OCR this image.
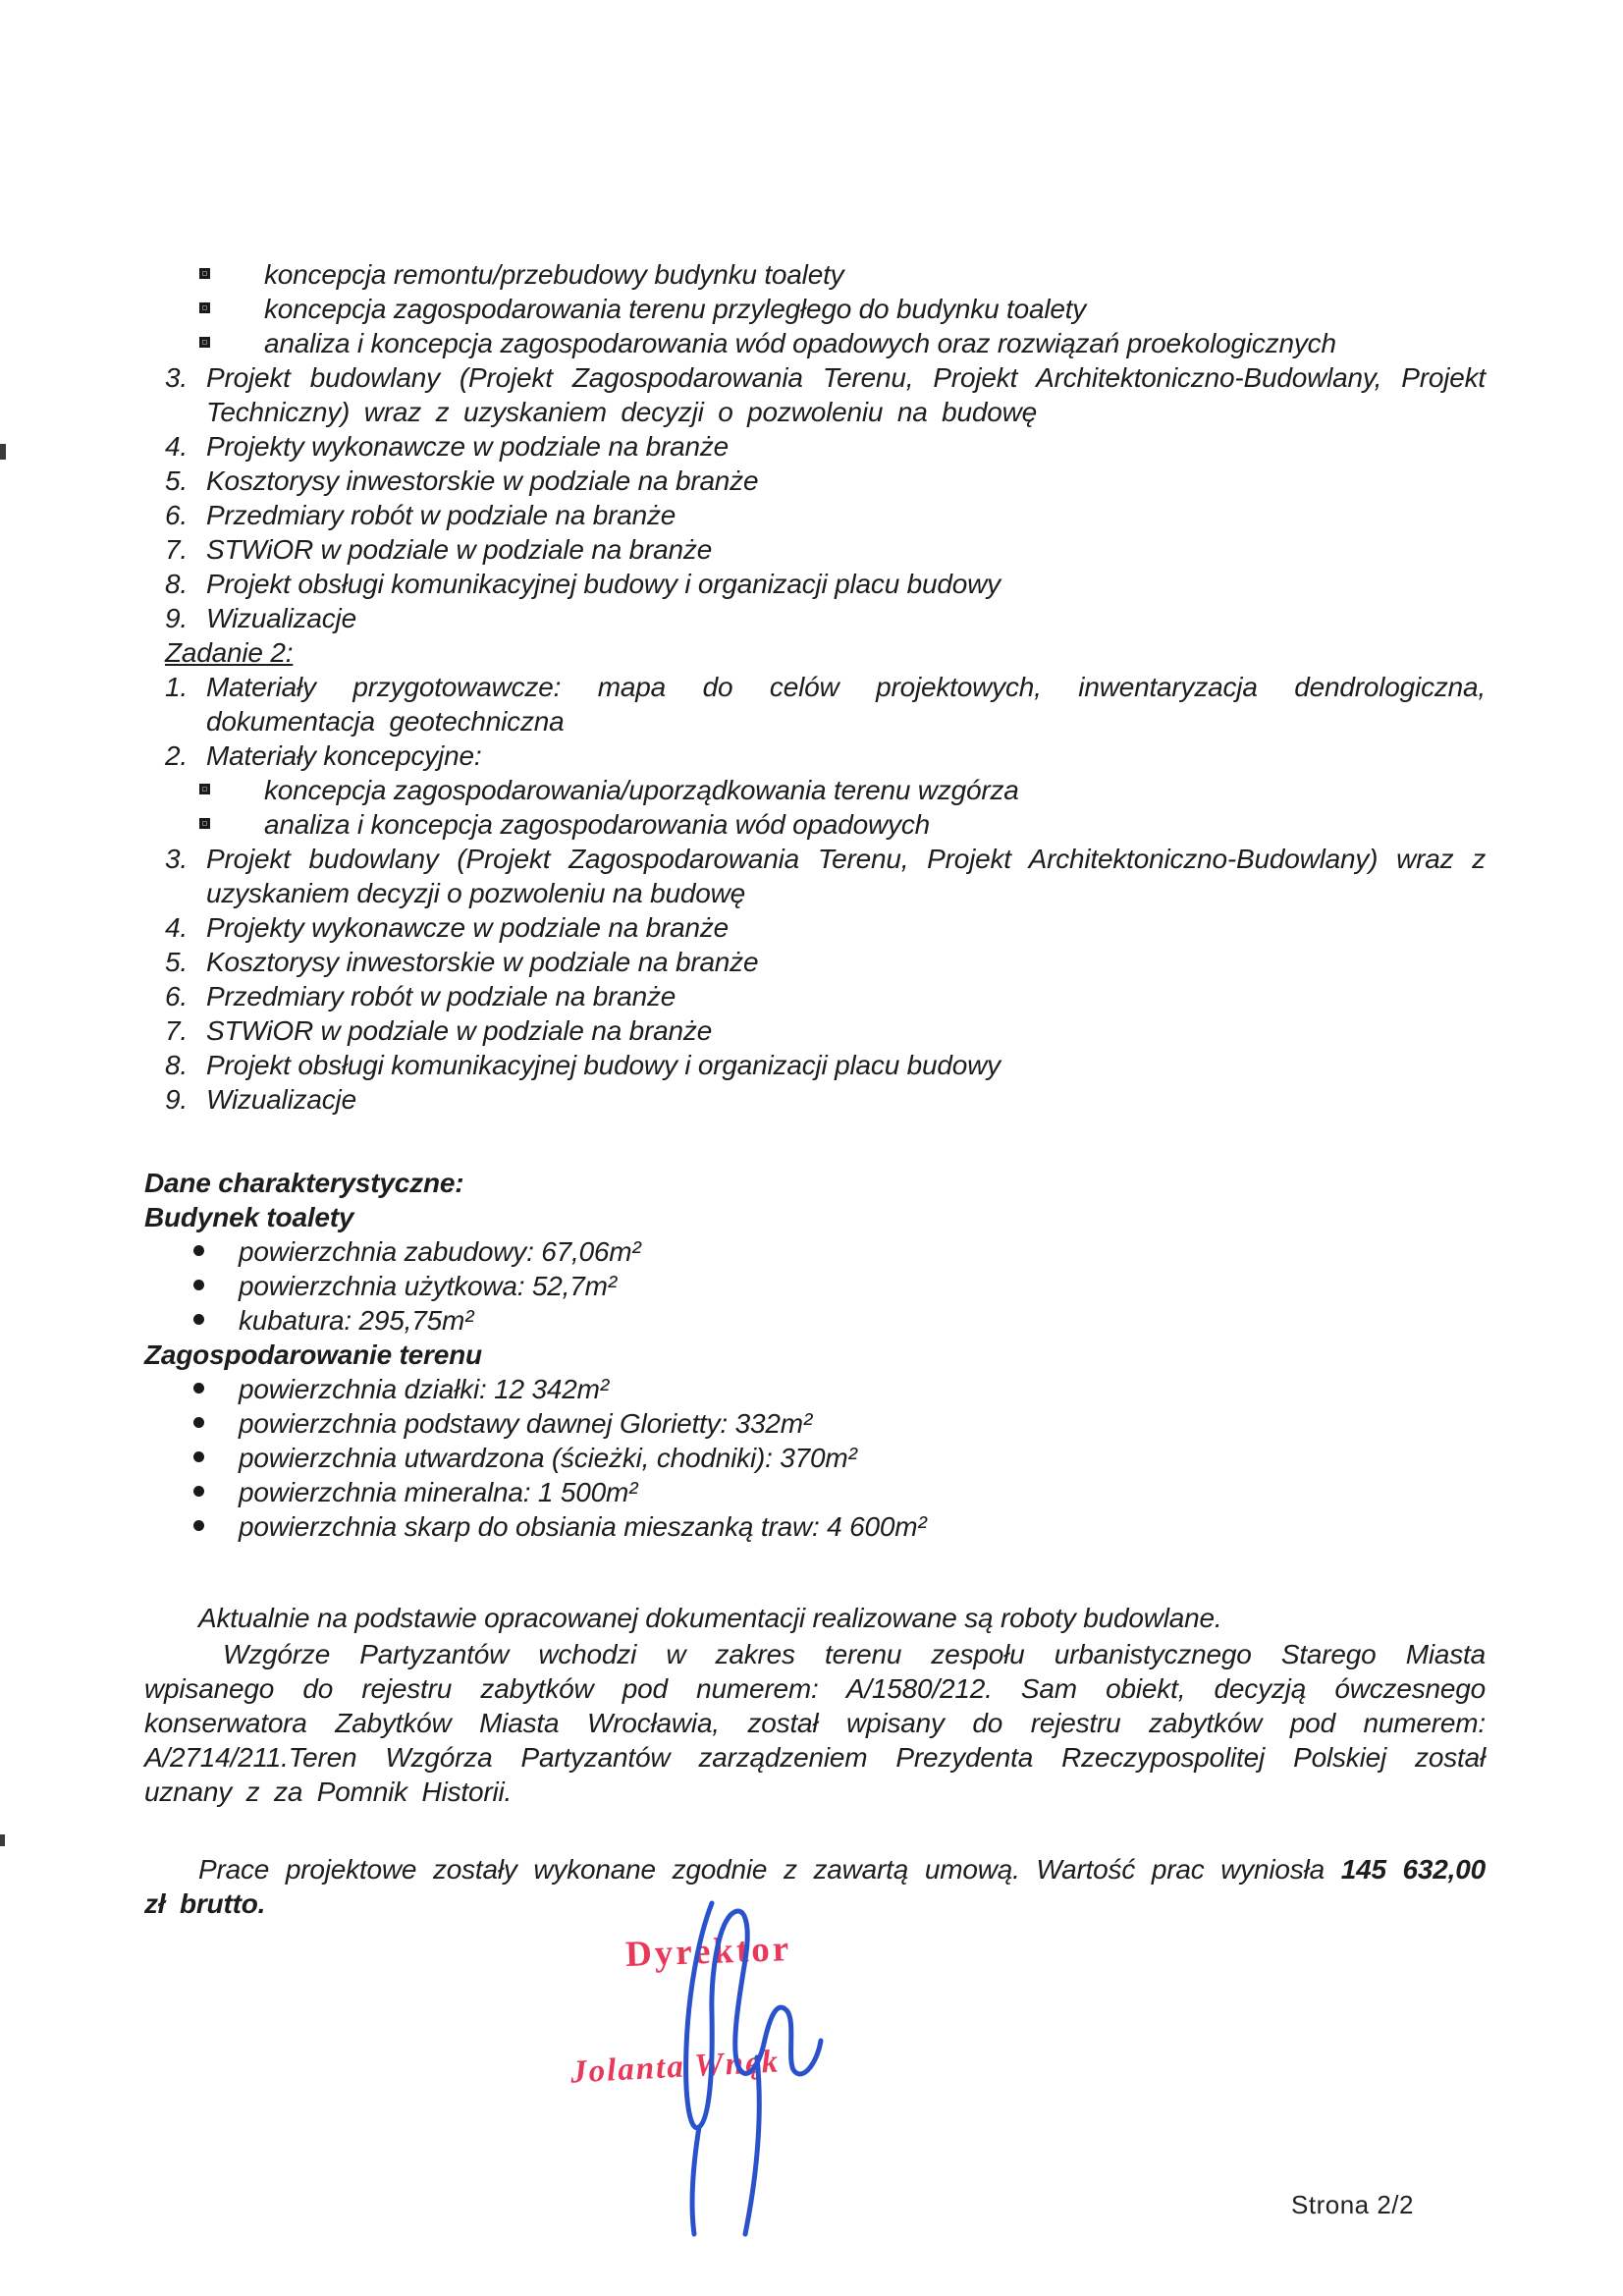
koncepcja remontu/przebudowy budynku toalety
koncepcja zagospodarowania terenu przyległego do budynku toalety
analiza i koncepcja zagospodarowania wód opadowych oraz rozwiązań proekologicznych
3. Projekt budowlany (Projekt Zagospodarowania Terenu, Projekt Architektoniczno-Budowlany, Projekt Techniczny) wraz z uzyskaniem decyzji o pozwoleniu na budowę
4. Projekty wykonawcze w podziale na branże
5. Kosztorysy inwestorskie w podziale na branże
6. Przedmiary robót w podziale na branże
7. STWiOR w podziale w podziale na branże
8. Projekt obsługi komunikacyjnej budowy i organizacji placu budowy
9. Wizualizacje
Zadanie 2:
1. Materiały przygotowawcze: mapa do celów projektowych, inwentaryzacja dendrologiczna, dokumentacja geotechniczna
2. Materiały koncepcyjne:
koncepcja zagospodarowania/uporządkowania terenu wzgórza
analiza i koncepcja zagospodarowania wód opadowych
3. Projekt budowlany (Projekt Zagospodarowania Terenu, Projekt Architektoniczno-Budowlany) wraz z uzyskaniem decyzji o pozwoleniu na budowę
4. Projekty wykonawcze w podziale na branże
5. Kosztorysy inwestorskie w podziale na branże
6. Przedmiary robót w podziale na branże
7. STWiOR w podziale w podziale na branże
8. Projekt obsługi komunikacyjnej budowy i organizacji placu budowy
9. Wizualizacje
Dane charakterystyczne:
Budynek toalety
powierzchnia zabudowy: 67,06m²
powierzchnia użytkowa: 52,7m²
kubatura: 295,75m²
Zagospodarowanie terenu
powierzchnia działki: 12 342m²
powierzchnia podstawy dawnej Glorietty: 332m²
powierzchnia utwardzona (ścieżki, chodniki): 370m²
powierzchnia mineralna: 1 500m²
powierzchnia skarp do obsiania mieszanką traw: 4 600m²

Aktualnie na podstawie opracowanej dokumentacji realizowane są roboty budowlane.

Wzgórze Partyzantów wchodzi w zakres terenu zespołu urbanistycznego Starego Miasta wpisanego do rejestru zabytków pod numerem: A/1580/212. Sam obiekt, decyzją ówczesnego konserwatora Zabytków Miasta Wrocławia, został wpisany do rejestru zabytków pod numerem: A/2714/211.Teren Wzgórza Partyzantów zarządzeniem Prezydenta Rzeczypospolitej Polskiej został uznany z za Pomnik Historii.

Prace projektowe zostały wykonane zgodnie z zawartą umową. Wartość prac wyniosła 145 632,00 zł brutto.

Dyrektor
Jolanta Wnęk
Strona 2/2
